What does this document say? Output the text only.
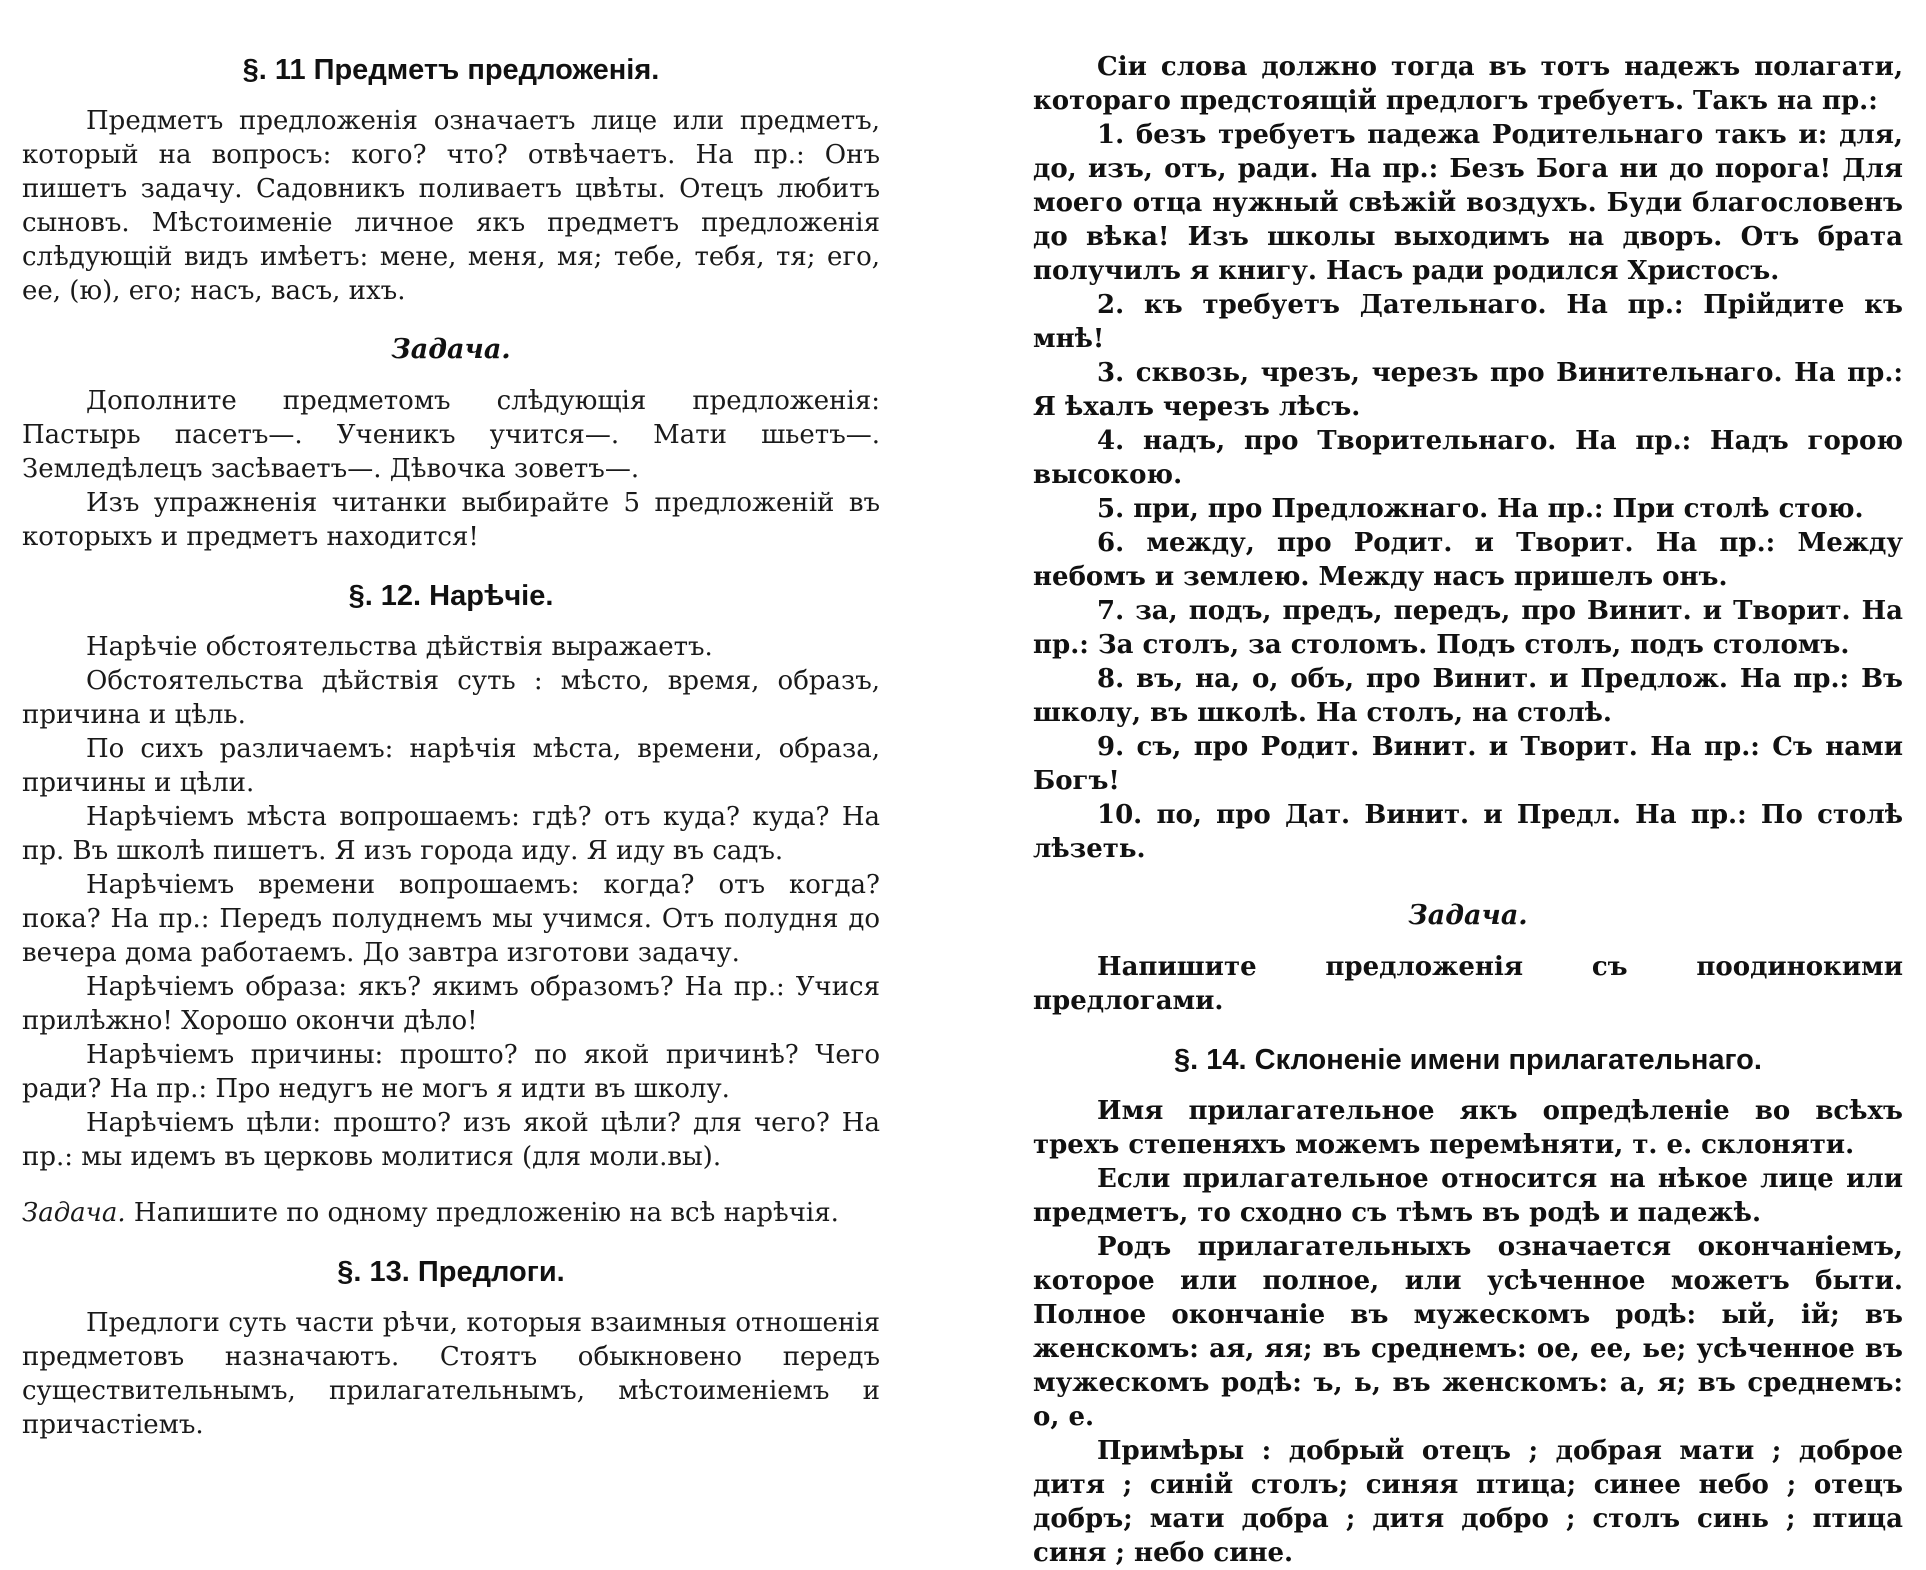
§. 11 Предметъ предложенія.

Предметъ предложенія означаетъ лице или предметъ, который на вопросъ: кого? что? отвѣчаетъ. На пр.: Онъ пишетъ задачу. Садовникъ поливаетъ цвѣты. Отецъ любитъ сыновъ. Мѣстоименіе личное якъ предметъ предложенія слѣдующій видъ имѣетъ: мене, меня, мя; тебе, тебя, тя; его, ее, (ю), его; насъ, васъ, ихъ.

Задача.

Дополните предметомъ слѣдующія предложенія: Пастырь пасетъ—. Ученикъ учится—. Мати шьетъ—. Земледѣлецъ засѣваетъ—. Дѣвочка зоветъ—.

Изъ упражненія читанки выбирайте 5 предложеній въ которыхъ и предметъ находится!

§. 12. Нарѣчіе.

Нарѣчіе обстоятельства дѣйствія выражаетъ.

Обстоятельства дѣйствія суть : мѣсто, время, образъ, причина и цѣль.

По сихъ различаемъ: нарѣчія мѣста, времени, образа, причины и цѣли.

Нарѣчіемъ мѣста вопрошаемъ: гдѣ? отъ куда? куда? На пр. Въ школѣ пишетъ. Я изъ города иду. Я иду въ садъ.

Нарѣчіемъ времени вопрошаемъ: когда? отъ когда? пока? На пр.: Передъ полуднемъ мы учимся. Отъ полудня до вечера дома работаемъ. До завтра изготови задачу.

Нарѣчіемъ образа: якъ? якимъ образомъ? На пр.: Учися прилѣжно! Хорошо окончи дѣло!

Нарѣчіемъ причины: прошто? по якой причинѣ? Чего ради? На пр.: Про недугъ не могъ я идти въ школу.

Нарѣчіемъ цѣли: прошто? изъ якой цѣли? для чего? На пр.: мы идемъ въ церковь молитися (для моли.вы).

Задача. Напишите по одному предложенію на всѣ нарѣчія.

§. 13. Предлоги.

Предлоги суть части рѣчи, которыя взаимныя отношенія предметовъ назначаютъ. Стоятъ обыкновено передъ существительнымъ, прилагательнымъ, мѣстоименіемъ и причастіемъ.

Сіи слова должно тогда въ тотъ надежъ полагати, котораго предстоящій предлогъ требуетъ. Такъ на пр.:

1. безъ требуетъ падежа Родительнаго такъ и: для, до, изъ, отъ, ради. На пр.: Безъ Бога ни до порога! Для моего отца нужный свѣжій воздухъ. Буди благословенъ до вѣка! Изъ школы выходимъ на дворъ. Отъ брата получилъ я книгу. Насъ ради родился Христосъ.

2. къ требуетъ Дательнаго. На пр.: Прійдите къ мнѣ!

3. сквозь, чрезъ, черезъ про Винительнаго. На пр.: Я ѣхалъ черезъ лѣсъ.

4. надъ, про Творительнаго. На пр.: Надъ горою высокою.

5. при, про Предложнаго. На пр.: При столѣ стою.

6. между, про Родит. и Творит. На пр.: Между небомъ и землею. Между насъ пришелъ онъ.

7. за, подъ, предъ, передъ, про Винит. и Творит. На пр.: За столъ, за столомъ. Подъ столъ, подъ столомъ.

8. въ, на, о, объ, про Винит. и Предлож. На пр.: Въ школу, въ школѣ. На столъ, на столѣ.

9. съ, про Родит. Винит. и Творит. На пр.: Съ нами Богъ!

10. по, про Дат. Винит. и Предл. На пр.: По столѣ лѣзеть.

Задача.

Напишите предложенія съ поодинокими предлогами.

§. 14. Склоненіе имени прилагательнаго.

Имя прилагательное якъ опредѣленіе во всѣхъ трехъ степеняхъ можемъ перемѣняти, т. е. склоняти.

Если прилагательное относится на нѣкое лице или предметъ, то сходно съ тѣмъ въ родѣ и падежѣ.

Родъ прилагательныхъ означается окончаніемъ, которое или полное, или усѣченное можетъ быти. Полное окончаніе въ мужескомъ родѣ: ый, ій; въ женскомъ: ая, яя; въ среднемъ: ое, ее, ье; усѣченное въ мужескомъ родѣ: ъ, ь, въ женскомъ: а, я; въ среднемъ: о, е.

Примѣры : добрый отецъ ; добрая мати ; доброе дитя ; синій столъ; синяя птица; синее небо ; отецъ добръ; мати добра ; дитя добро ; столъ синь ; птица синя ; небо сине.
